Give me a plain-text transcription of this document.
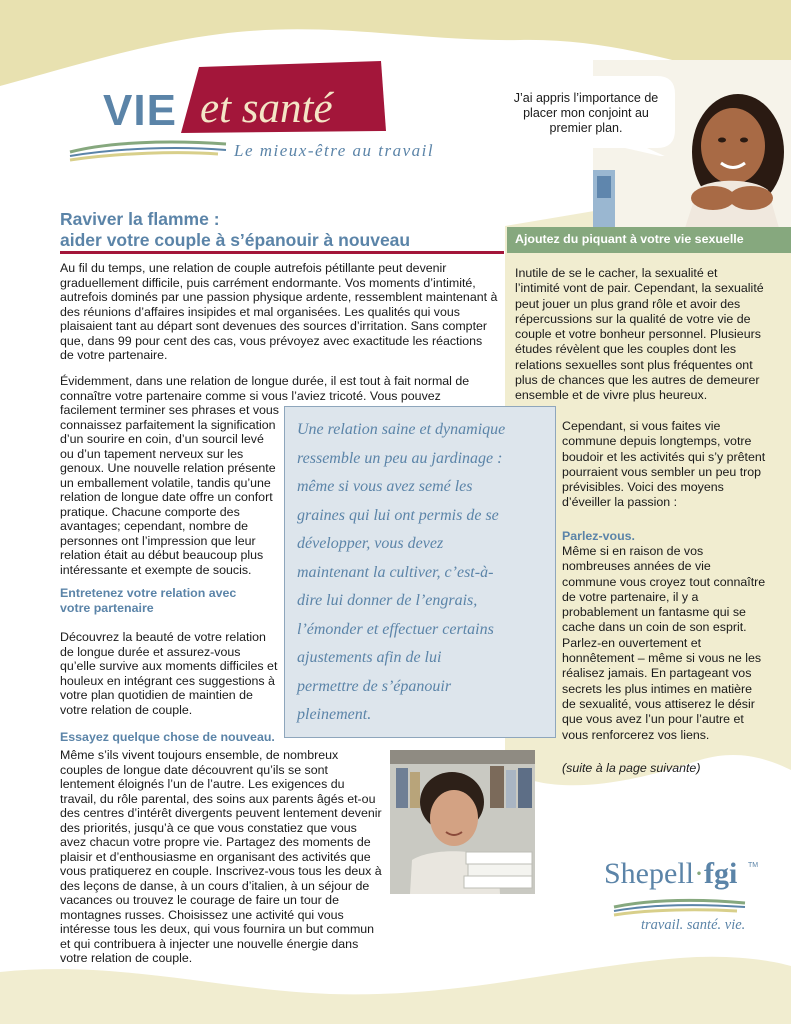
VIE et santé
Le mieux-être au travail
J’ai appris l’importance de placer mon conjoint au premier plan.
Raviver la flamme :
aider votre couple à s’épanouir à nouveau
Au fil du temps, une relation de couple autrefois pétillante peut devenir
graduellement difficile, puis carrément endormante. Vos moments d’intimité,
autrefois dominés par une passion physique ardente, ressemblent maintenant à
des réunions d’affaires insipides et mal organisées. Les qualités qui vous
plaisaient tant au départ sont devenues des sources d’irritation. Sans compter
que, dans 99 pour cent des cas, vous prévoyez avec exactitude les réactions
de votre partenaire.
Évidemment, dans une relation de longue durée, il est tout à fait normal de
connaître votre partenaire comme si vous l’aviez tricoté. Vous pouvez
facilement terminer ses phrases et vous
connaissez parfaitement la signification
d’un sourire en coin, d’un sourcil levé
ou d’un tapement nerveux sur les
genoux. Une nouvelle relation présente
un emballement volatile, tandis qu’une
relation de longue date offre un confort
pratique. Chacune comporte des
avantages; cependant, nombre de
personnes ont l’impression que leur
relation était au début beaucoup plus
intéressante et exempte de soucis.
Entretenez votre relation avec
votre partenaire
Découvrez la beauté de votre relation
de longue durée et assurez-vous
qu’elle survive aux moments difficiles et
houleux en intégrant ces suggestions à
votre plan quotidien de maintien de
votre relation de couple.
Essayez quelque chose de nouveau.
Même s’ils vivent toujours ensemble, de nombreux
couples de longue date découvrent qu’ils se sont
lentement éloignés l’un de l’autre. Les exigences du
travail, du rôle parental, des soins aux parents âgés et-ou
des centres d’intérêt divergents peuvent lentement devenir
des priorités, jusqu’à ce que vous constatiez que vous
avez chacun votre propre vie. Partagez des moments de
plaisir et d’enthousiasme en organisant des activités que
vous pratiquerez en couple. Inscrivez-vous tous les deux à
des leçons de danse, à un cours d’italien, à un séjour de
vacances ou trouvez le courage de faire un tour de
montagnes russes. Choisissez une activité qui vous
intéresse tous les deux, qui vous fournira un but commun
et qui contribuera à injecter une nouvelle énergie dans
votre relation de couple.
Une relation saine et dynamique
ressemble un peu au jardinage :
même si vous avez semé les
graines qui lui ont permis de se
développer, vous devez
maintenant la cultiver, c’est-à-
dire lui donner de l’engrais,
l’émonder et effectuer certains
ajustements afin de lui
permettre de s’épanouir
pleinement.
Ajoutez du piquant à votre vie sexuelle
Inutile de se le cacher, la sexualité et
l’intimité vont de pair. Cependant, la sexualité
peut jouer un plus grand rôle et avoir des
répercussions sur la qualité de votre vie de
couple et votre bonheur personnel. Plusieurs
études révèlent que les couples dont les
relations sexuelles sont plus fréquentes ont
plus de chances que les autres de demeurer
ensemble et de vivre plus heureux.
Cependant, si vous faites vie
commune depuis longtemps, votre
boudoir et les activités qui s’y prêtent
pourraient vous sembler un peu trop
prévisibles. Voici des moyens
d’éveiller la passion :
Parlez-vous.
Même si en raison de vos
nombreuses années de vie
commune vous croyez tout connaître
de votre partenaire, il y a
probablement un fantasme qui se
cache dans un coin de son esprit.
Parlez-en ouvertement et
honnêtement – même si vous ne les
réalisez jamais. En partageant vos
secrets les plus intimes en matière
de sexualité, vous attiserez le désir
que vous avez l’un pour l’autre et
vous renforcerez vos liens.
(suite à la page suivante)
Shepell·fgi TM
travail. santé. vie.
